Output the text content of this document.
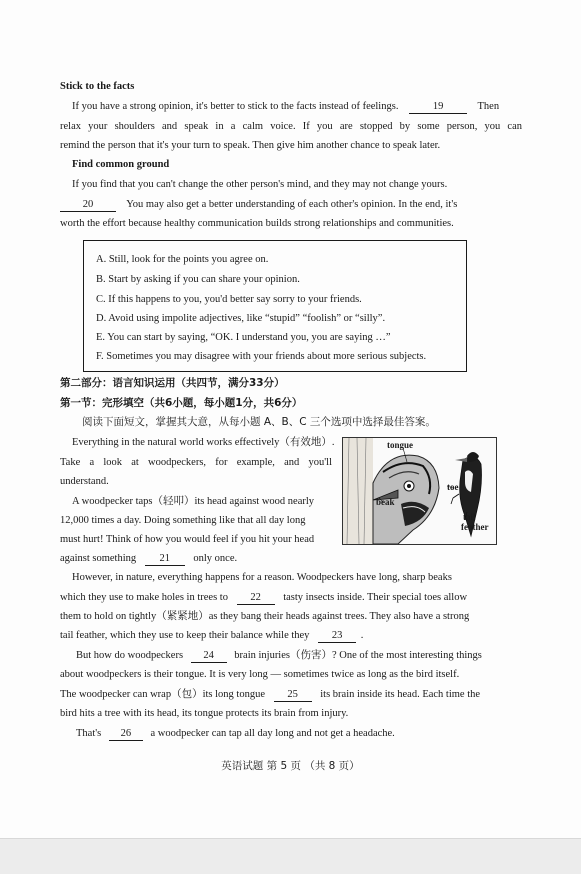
Stick to the facts
If you have a strong opinion, it's better to stick to the facts instead of feelings.	19	Then
relax your shoulders and speak in a calm voice. If you are stopped by some person, you can
remind the person that it's your turn to speak. Then give him another chance to speak later.
Find common ground
If you find that you can't change the other person's mind, and they may not change yours.
20	You may also get a better understanding of each other's opinion. In the end, it's
worth the effort because healthy communication builds strong relationships and communities.
A. Still, look for the points you agree on.
B. Start by asking if you can share your opinion.
C. If this happens to you, you'd better say sorry to your friends.
D. Avoid using impolite adjectives, like “stupid” “foolish” or “silly”.
E. You can start by saying, “OK. I understand you, you are saying …”
F. Sometimes you may disagree with your friends about more serious subjects.
第二部分：语言知识运用（共四节，满分33分）
第一节：完形填空（共6小题，每小题1分，共6分）
阅读下面短文，掌握其大意，从每小题 A、B、C 三个选项中选择最佳答案。
Everything in the natural world works effectively（有效地）.
Take a look at woodpeckers, for example, and you'll
understand.
A woodpecker taps（轻叩）its head against wood nearly
12,000 times a day. Doing something like that all day long
must hurt! Think of how you would feel if you hit your head
against something 21 only once.
tongue
beak
toe
tail
feather
However, in nature, everything happens for a reason. Woodpeckers have long, sharp beaks
which they use to make holes in trees to 22 tasty insects inside. Their special toes allow
them to hold on tightly（紧紧地）as they bang their heads against trees. They also have a strong
tail feather, which they use to keep their balance while they 23 .
But how do woodpeckers 24 brain injuries（伤害）? One of the most interesting things
about woodpeckers is their tongue. It is very long — sometimes twice as long as the bird itself.
The woodpecker can wrap（包）its long tongue 25 its brain inside its head. Each time the
bird hits a tree with its head, its tongue protects its brain from injury.
That's 26 a woodpecker can tap all day long and not get a headache.
英语试题 第 5 页 （共 8 页）
